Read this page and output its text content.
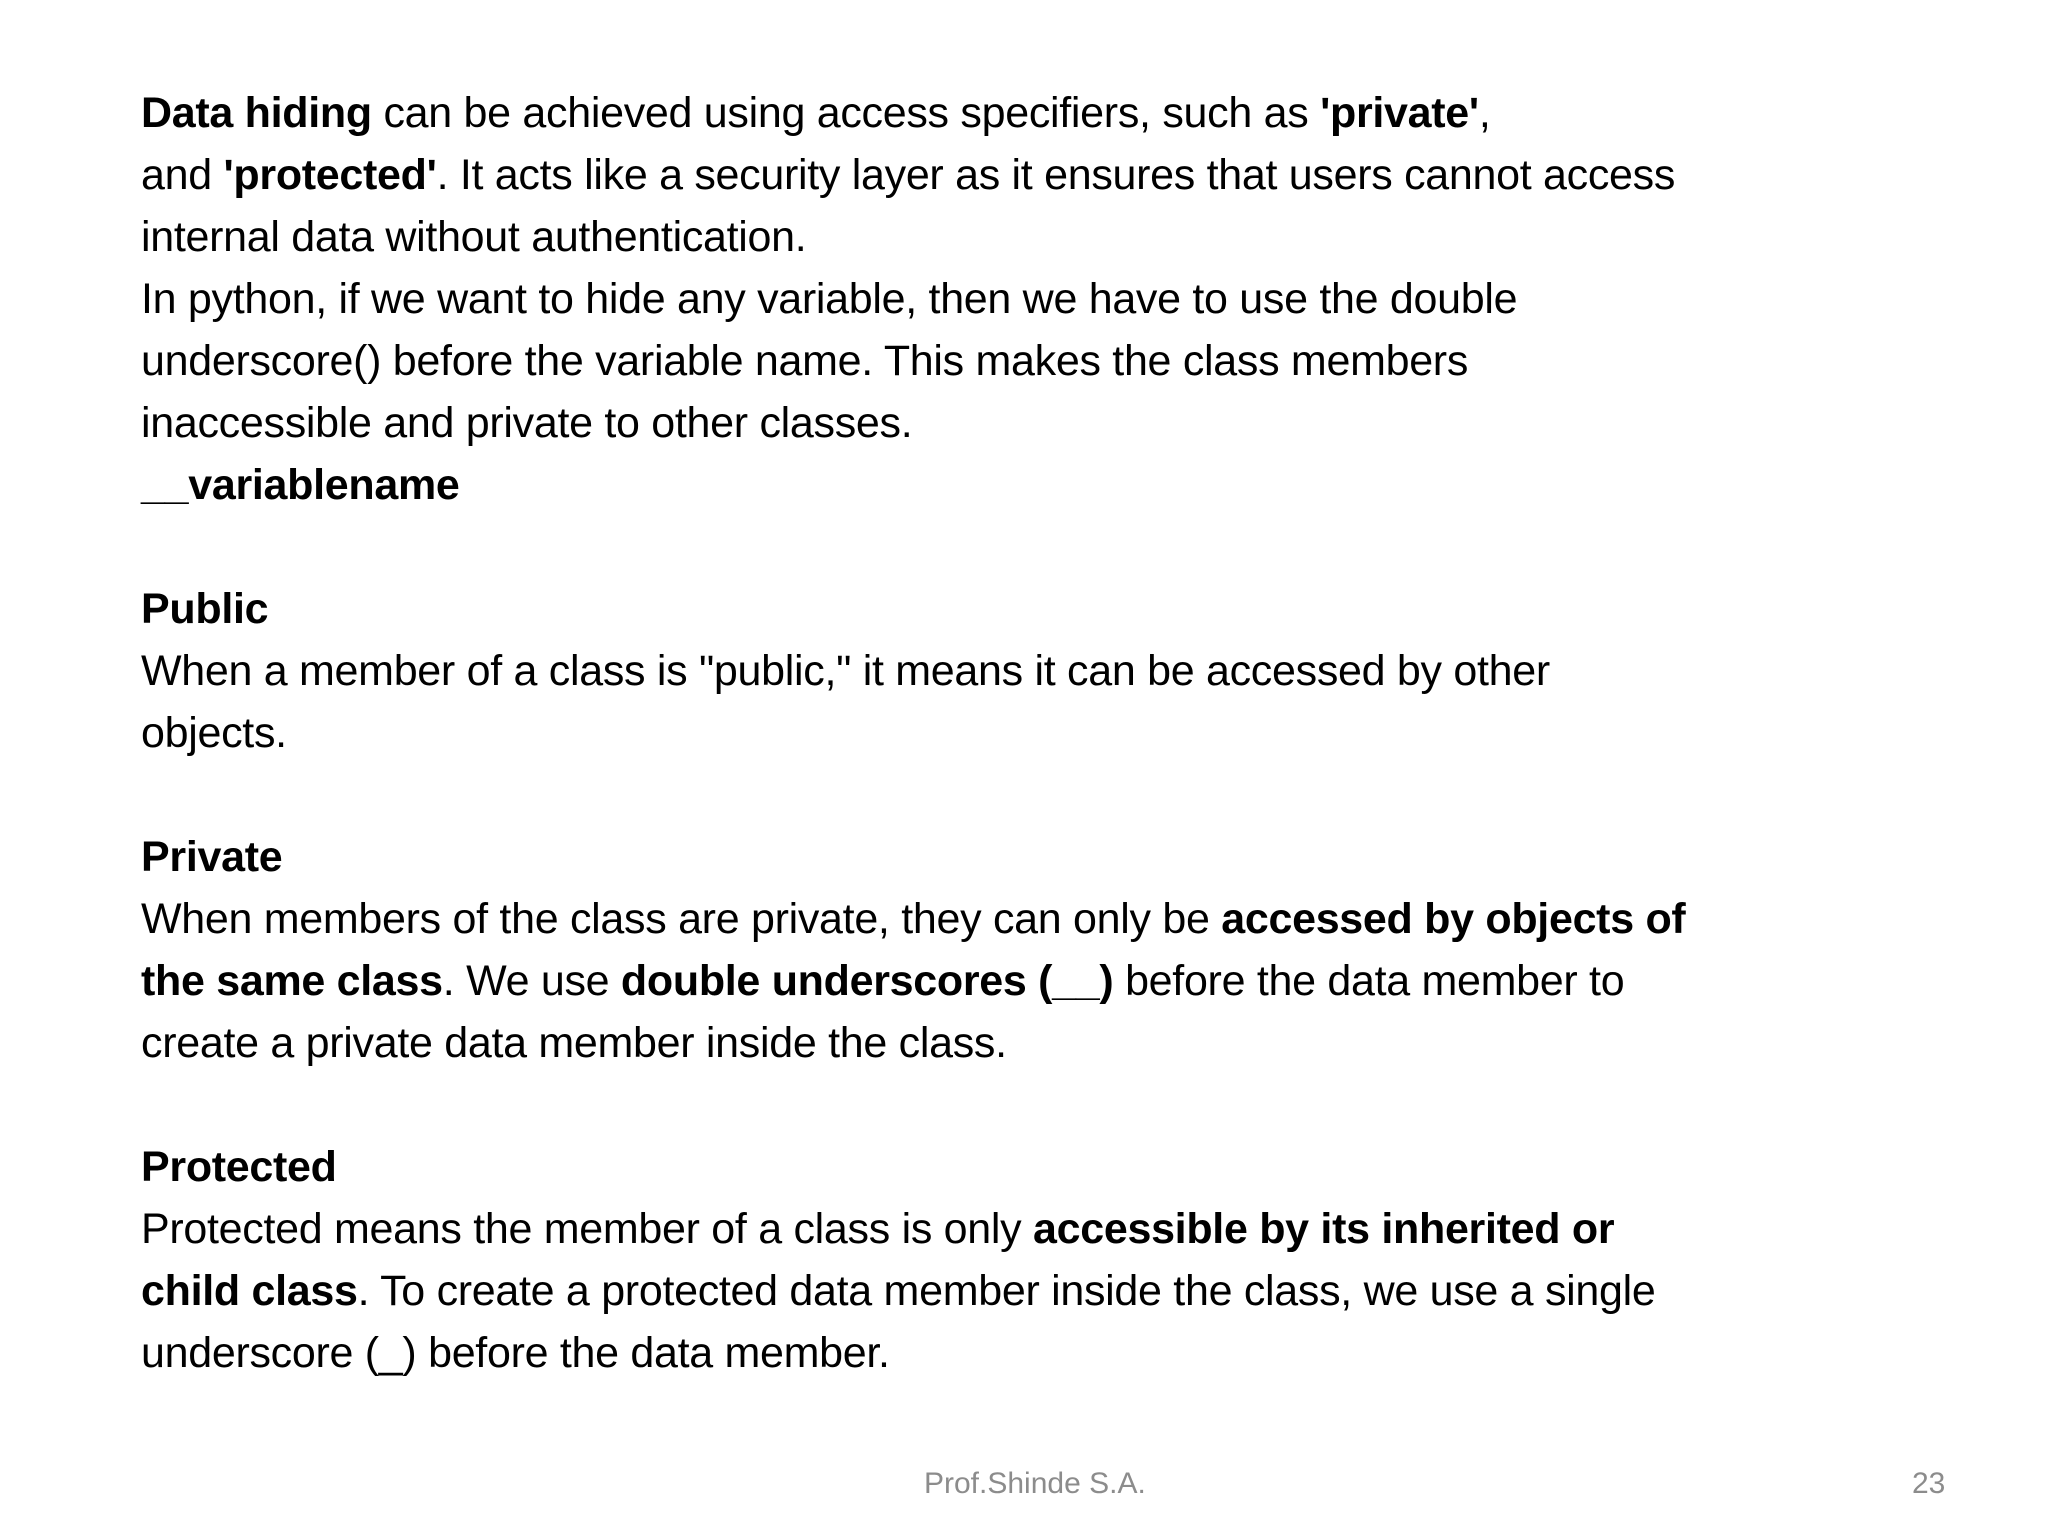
Data hiding can be achieved using access specifiers, such as 'private',
and 'protected'. It acts like a security layer as it ensures that users cannot access
internal data without authentication.
In python, if we want to hide any variable, then we have to use the double
underscore() before the variable name. This makes the class members
inaccessible and private to other classes.
__variablename
Public
When a member of a class is "public," it means it can be accessed by other
objects.
Private
When members of the class are private, they can only be accessed by objects of
the same class. We use double underscores (__) before the data member to
create a private data member inside the class.
Protected
Protected means the member of a class is only accessible by its inherited or
child class. To create a protected data member inside the class, we use a single
underscore (_) before the data member.
Prof.Shinde S.A.	23
